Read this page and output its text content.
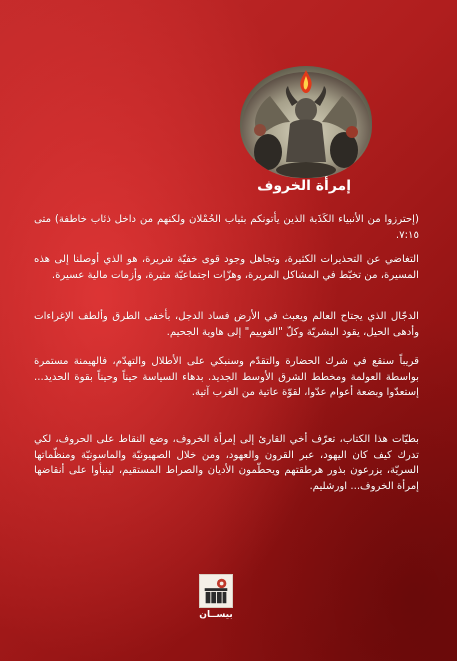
إمرأة الخروف

(إحترزوا من الأنبياء الكَذَبة الذين يأتونكم بثياب الحُمْلان ولكنهم من داخل ذئاب خاطفة) متى ٧:١٥.

التغاضي عن التحذيرات الكثيرة، وتجاهل وجود قوى خفيّة شريرة، هو الذي أوصلنا إلى هذه المسيرة، من تخبّط في المشاكل المريرة، وهزّات اجتماعيّة مثيرة، وأزمات مالية عسيرة.

الدجّال الذي يجتاح العالم ويعبث في الأرض فساد الدجل، بأخفى الطرق وألطف الإغراءات وأدهى الحيل، يقود البشريّة وكلّ "الغوييم" إلى هاوية الجحيم.

قريباً سنقع في شرك الحضارة والتقدّم وسنبكي على الأطلال والتهدّم، فالهيمنة مستمرة بواسطة العولمة ومخطط الشرق الأوسط الجديد. بدهاء السياسة حيناً وحيناً بقوة الحديد... إستعدّوا وبضعة أعوام عدّوا، لقوّة عاتية من الغرب آتية.

بطيّات هذا الكتاب، تعرّف أخي القارئ إلى إمرأة الخروف، وضع النقاط على الحروف، لكي تدرك كيف كان اليهود، عبر القرون والعهود، ومن خلال الصهيونيّة والماسونيّة ومنظّماتها السريّة، يزرعون بذور هرطقتهم ويحطّمون الأديان والصراط المستقيم، لينبأوا على أنقاضها إمرأة الخروف... اورشليم.

بيســان
